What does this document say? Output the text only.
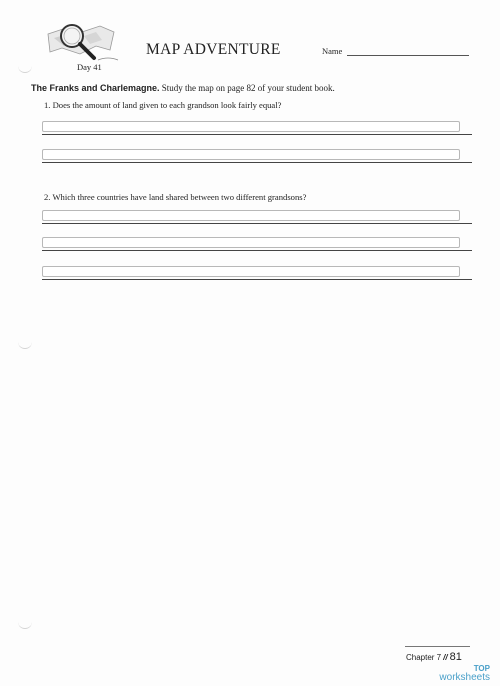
Day 41
MAP ADVENTURE	Name
The Franks and Charlemagne. Study the map on page 82 of your student book.
1. Does the amount of land given to each grandson look fairly equal?
2. Which three countries have land shared between two different grandsons?
Chapter 7 // 81
TOP
worksheets
